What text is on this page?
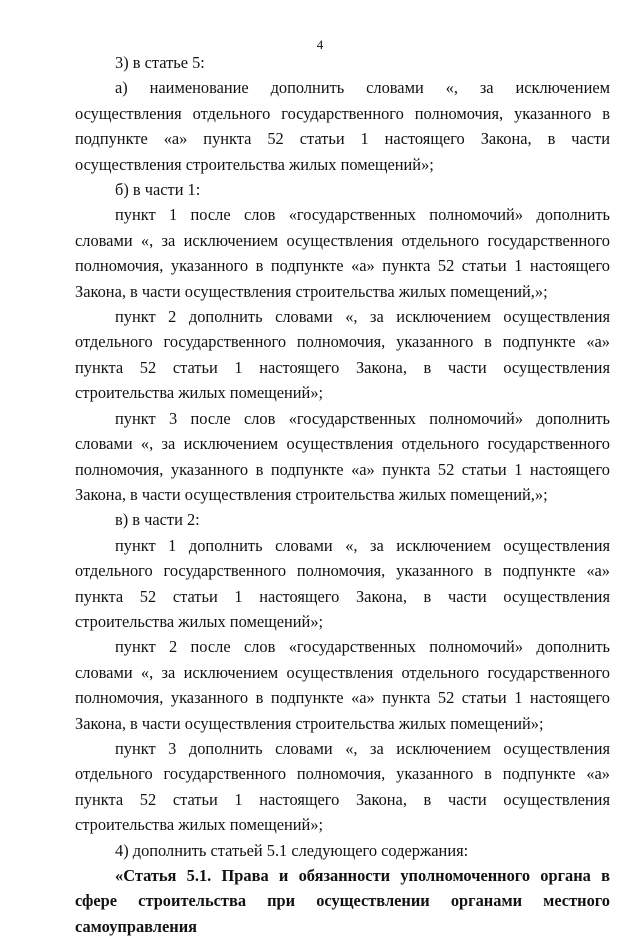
4

3) в статье 5:

а) наименование дополнить словами «, за исключением осуществления отдельного государственного полномочия, указанного в подпункте «а» пункта 52 статьи 1 настоящего Закона, в части осуществления строительства жилых помещений»;

б) в части 1:

пункт 1 после слов «государственных полномочий» дополнить словами «, за исключением осуществления отдельного государственного полномочия, указанного в подпункте «а» пункта 52 статьи 1 настоящего Закона, в части осуществления строительства жилых помещений,»;

пункт 2 дополнить словами «, за исключением осуществления отдельного государственного полномочия, указанного в подпункте «а» пункта 52 статьи 1 настоящего Закона, в части осуществления строительства жилых помещений»;

пункт 3 после слов «государственных полномочий» дополнить словами «, за исключением осуществления отдельного государственного полномочия, указанного в подпункте «а» пункта 52 статьи 1 настоящего Закона, в части осуществления строительства жилых помещений,»;

в) в части 2:

пункт 1 дополнить словами «, за исключением осуществления отдельного государственного полномочия, указанного в подпункте «а» пункта 52 статьи 1 настоящего Закона, в части осуществления строительства жилых помещений»;

пункт 2 после слов «государственных полномочий» дополнить словами «, за исключением осуществления отдельного государственного полномочия, указанного в подпункте «а» пункта 52 статьи 1 настоящего Закона, в части осуществления строительства жилых помещений»;

пункт 3 дополнить словами «, за исключением осуществления отдельного государственного полномочия, указанного в подпункте «а» пункта 52 статьи 1 настоящего Закона, в части осуществления строительства жилых помещений»;

4) дополнить статьей 5.1 следующего содержания:

«Статья 5.1. Права и обязанности уполномоченного органа в сфере строительства при осуществлении органами местного самоуправления
